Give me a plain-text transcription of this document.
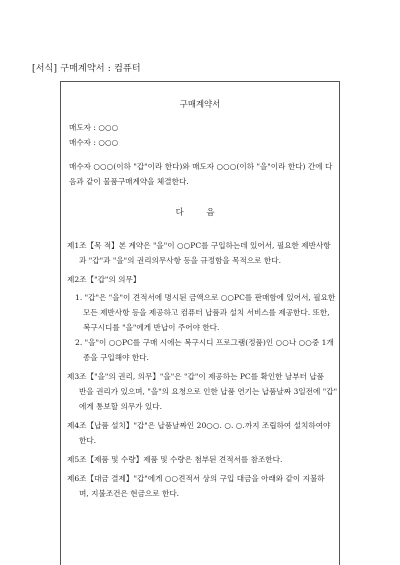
[서식] 구매계약서 : 컴퓨터
구매계약서
매도자 : ○○○
매수자 : ○○○
매수자 ○○○(이하 "갑"이라 한다)와 매도자 ○○○(이하 "을"이라 한다) 간에 다
음과 같이 물품구매계약을 체결한다.
다 음
제1조【목 적】본 계약은 "을"이 ○○PC를 구입하는데 있어서, 필요한 제반사항
과 "갑"과 "을"의 권리의무사항 등을 규정함을 목적으로 한다.
제2조【"갑"의 의무】
1. "갑"은 "을"이 견적서에 명시된 금액으로 ○○PC를 판매함에 있어서, 필요한
모든 제반사항 등을 제공하고 컴퓨터 납품과 설치 서비스를 제공한다. 또한,
복구시디를 "을"에게 반납이 주어야 한다.
2. "을"이 ○○PC를 구매 시에는 복구시디 프로그램(정품)인 ○○나 ○○중 1개
종을 구입해야 한다.
제3조【"을"의 권리, 의무】"을"은 "갑"이 제공하는 PC를 확인한 날부터 납품
반을 권리가 있으며, "을"의 요청으로 인한 납품 연기는 납품날짜 3일전에 "갑"
에게 통보할 의무가 있다.
제4조【납품 설치】"갑"은 납품날짜인 20○○. ○. ○.까지 조립하여 설치하여야
한다.
제5조【제품 및 수량】제품 및 수량은 첨부된 견적서를 참조한다.
제6조【대금 결제】"갑"에게 ○○견적서 상의 구입 대금을 아래와 같이 지불하
며, 지불조건은 현금으로 한다.
